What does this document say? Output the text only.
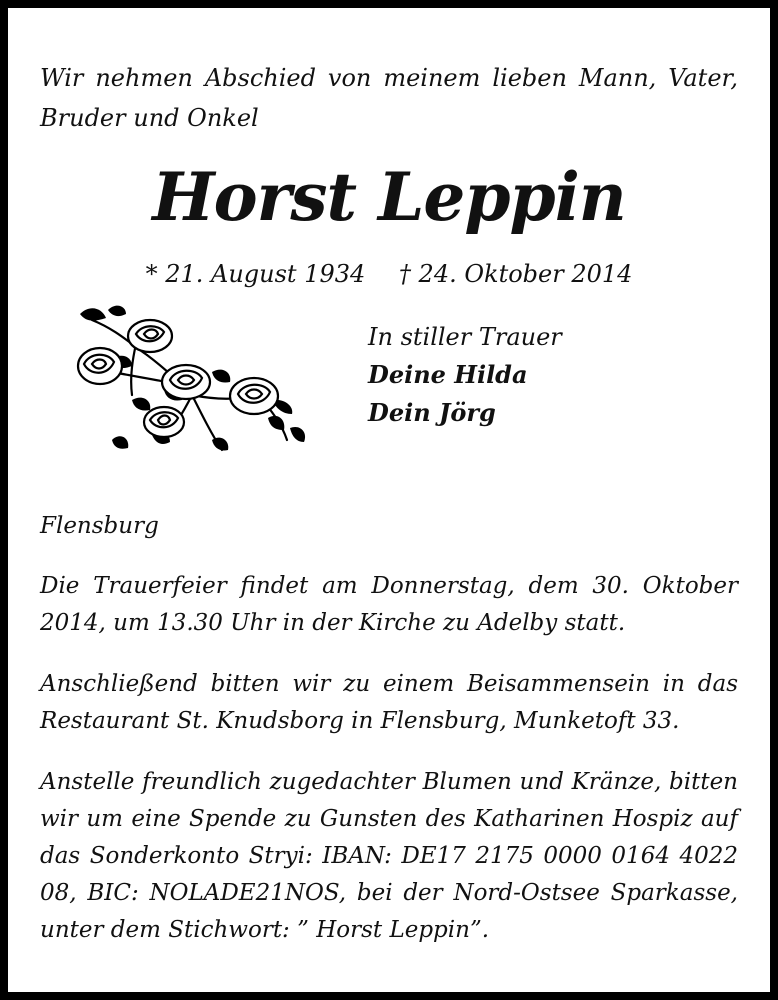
Wir nehmen Abschied von meinem lieben Mann, Vater, Bruder und Onkel

Horst Leppin
* 21. August 1934 † 24. Oktober 2014
In stiller Trauer
Deine Hilda
Dein Jörg
Flensburg

Die Trauerfeier findet am Donnerstag, dem 30. Oktober 2014, um 13.30 Uhr in der Kirche zu Adelby statt.

Anschließend bitten wir zu einem Beisammensein in das Restaurant St. Knudsborg in Flensburg, Munketoft 33.

Anstelle freundlich zugedachter Blumen und Kränze, bitten wir um eine Spende zu Gunsten des Katharinen Hospiz auf das Sonderkonto Stryi: IBAN: DE17 2175 0000 0164 4022 08, BIC: NOLADE21NOS, bei der Nord-Ostsee Sparkasse, unter dem Stichwort: ” Horst Leppin”.
